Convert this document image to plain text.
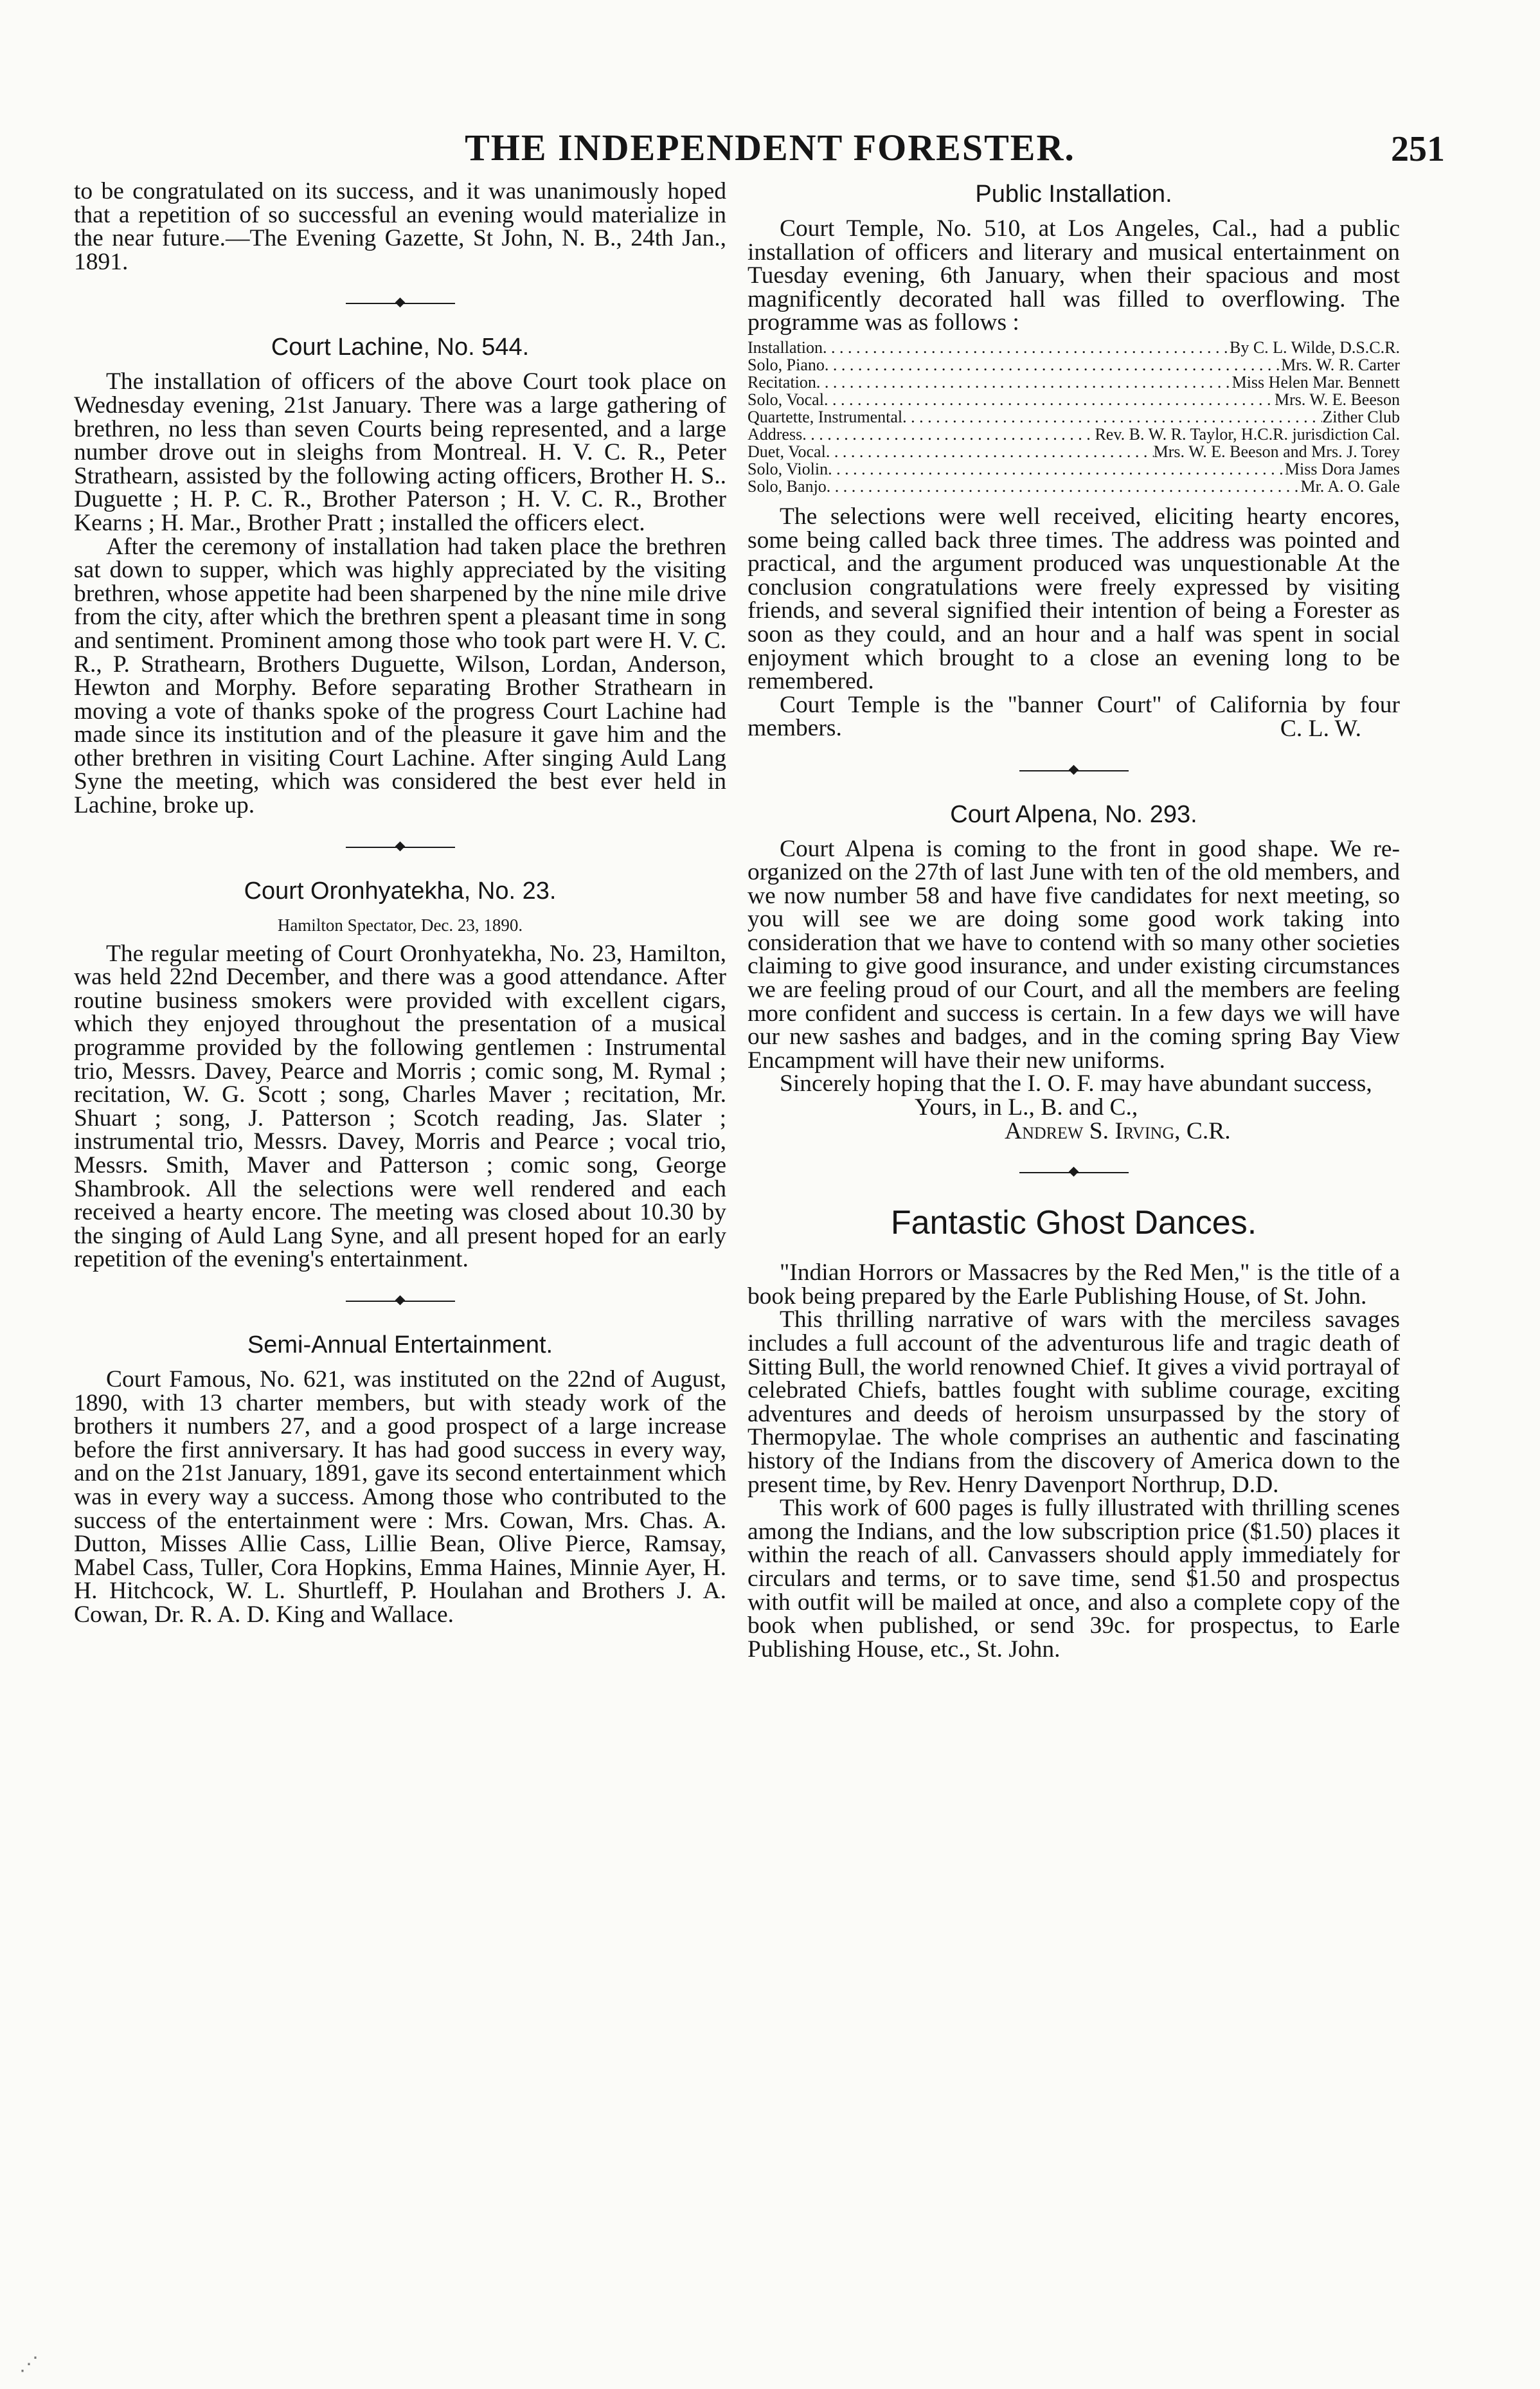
THE INDEPENDENT FORESTER.	251

to be congratulated on its success, and it was unanimously hoped that a repetition of so successful an evening would materialize in the near future.—The Evening Gazette, St John, N. B., 24th Jan., 1891.

Court Lachine, No. 544.

The installation of officers of the above Court took place on Wednesday evening, 21st January. There was a large gathering of brethren, no less than seven Courts being represented, and a large number drove out in sleighs from Montreal. H. V. C. R., Peter Strathearn, assisted by the following acting officers, Brother H. S.. Duguette ; H. P. C. R., Brother Paterson ; H. V. C. R., Brother Kearns ; H. Mar., Brother Pratt ; installed the officers elect.

After the ceremony of installation had taken place the brethren sat down to supper, which was highly appreciated by the visiting brethren, whose appetite had been sharpened by the nine mile drive from the city, after which the brethren spent a pleasant time in song and sentiment. Prominent among those who took part were H. V. C. R., P. Strathearn, Brothers Duguette, Wilson, Lordan, Anderson, Hewton and Morphy. Before separating Brother Strathearn in moving a vote of thanks spoke of the progress Court Lachine had made since its institution and of the pleasure it gave him and the other brethren in visiting Court Lachine. After singing Auld Lang Syne the meeting, which was considered the best ever held in Lachine, broke up.

Court Oronhyatekha, No. 23.
Hamilton Spectator, Dec. 23, 1890.

The regular meeting of Court Oronhyatekha, No. 23, Hamilton, was held 22nd December, and there was a good attendance. After routine business smokers were provided with excellent cigars, which they enjoyed throughout the presentation of a musical programme provided by the following gentlemen : Instrumental trio, Messrs. Davey, Pearce and Morris ; comic song, M. Rymal ; recitation, W. G. Scott ; song, Charles Maver ; recitation, Mr. Shuart ; song, J. Patterson ; Scotch reading, Jas. Slater ; instrumental trio, Messrs. Davey, Morris and Pearce ; vocal trio, Messrs. Smith, Maver and Patterson ; comic song, George Shambrook. All the selections were well rendered and each received a hearty encore. The meeting was closed about 10.30 by the singing of Auld Lang Syne, and all present hoped for an early repetition of the evening's entertainment.

Semi-Annual Entertainment.

Court Famous, No. 621, was instituted on the 22nd of August, 1890, with 13 charter members, but with steady work of the brothers it numbers 27, and a good prospect of a large increase before the first anniversary. It has had good success in every way, and on the 21st January, 1891, gave its second entertainment which was in every way a success. Among those who contributed to the success of the entertainment were : Mrs. Cowan, Mrs. Chas. A. Dutton, Misses Allie Cass, Lillie Bean, Olive Pierce, Ramsay, Mabel Cass, Tuller, Cora Hopkins, Emma Haines, Minnie Ayer, H. H. Hitchcock, W. L. Shurtleff, P. Houlahan and Brothers J. A. Cowan, Dr. R. A. D. King and Wallace.

Public Installation.

Court Temple, No. 510, at Los Angeles, Cal., had a public installation of officers and literary and musical entertainment on Tuesday evening, 6th January, when their spacious and most magnificently decorated hall was filled to overflowing. The programme was as follows :

Installation . . .	By C. L. Wilde, D.S.C.R.
Solo, Piano . . .	Mrs. W. R. Carter
Recitation . . .	Miss Helen Mar. Bennett
Solo, Vocal . . .	Mrs. W. E. Beeson
Quartette, Instrumental . . .	Zither Club
Address . . .	Rev. B. W. R. Taylor, H.C.R. jurisdiction Cal.
Duet, Vocal . . .	Mrs. W. E. Beeson and Mrs. J. Torey
Solo, Violin . . .	Miss Dora James
Solo, Banjo . . .	Mr. A. O. Gale

The selections were well received, eliciting hearty encores, some being called back three times. The address was pointed and practical, and the argument produced was unquestionable At the conclusion congratulations were freely expressed by visiting friends, and several signified their intention of being a Forester as soon as they could, and an hour and a half was spent in social enjoyment which brought to a close an evening long to be remembered.

Court Temple is the "banner Court" of California by four members.	C. L. W.
Court Alpena, No. 293.

Court Alpena is coming to the front in good shape. We re-organized on the 27th of last June with ten of the old members, and we now number 58 and have five candidates for next meeting, so you will see we are doing some good work taking into consideration that we have to contend with so many other societies claiming to give good insurance, and under existing circumstances we are feeling proud of our Court, and all the members are feeling more confident and success is certain. In a few days we will have our new sashes and badges, and in the coming spring Bay View Encampment will have their new uniforms.

Sincerely hoping that the I. O. F. may have abundant success,

Yours, in L., B. and C.,

Andrew S. Irving, C.R.

Fantastic Ghost Dances.

"Indian Horrors or Massacres by the Red Men," is the title of a book being prepared by the Earle Publishing House, of St. John.

This thrilling narrative of wars with the merciless savages includes a full account of the adventurous life and tragic death of Sitting Bull, the world renowned Chief. It gives a vivid portrayal of celebrated Chiefs, battles fought with sublime courage, exciting adventures and deeds of heroism unsurpassed by the story of Thermopylae. The whole comprises an authentic and fascinating history of the Indians from the discovery of America down to the present time, by Rev. Henry Davenport Northrup, D.D.

This work of 600 pages is fully illustrated with thrilling scenes among the Indians, and the low subscription price ($1.50) places it within the reach of all. Canvassers should apply immediately for circulars and terms, or to save time, send $1.50 and prospectus with outfit will be mailed at once, and also a complete copy of the book when published, or send 39c. for prospectus, to Earle Publishing House, etc., St. John.

⋰
